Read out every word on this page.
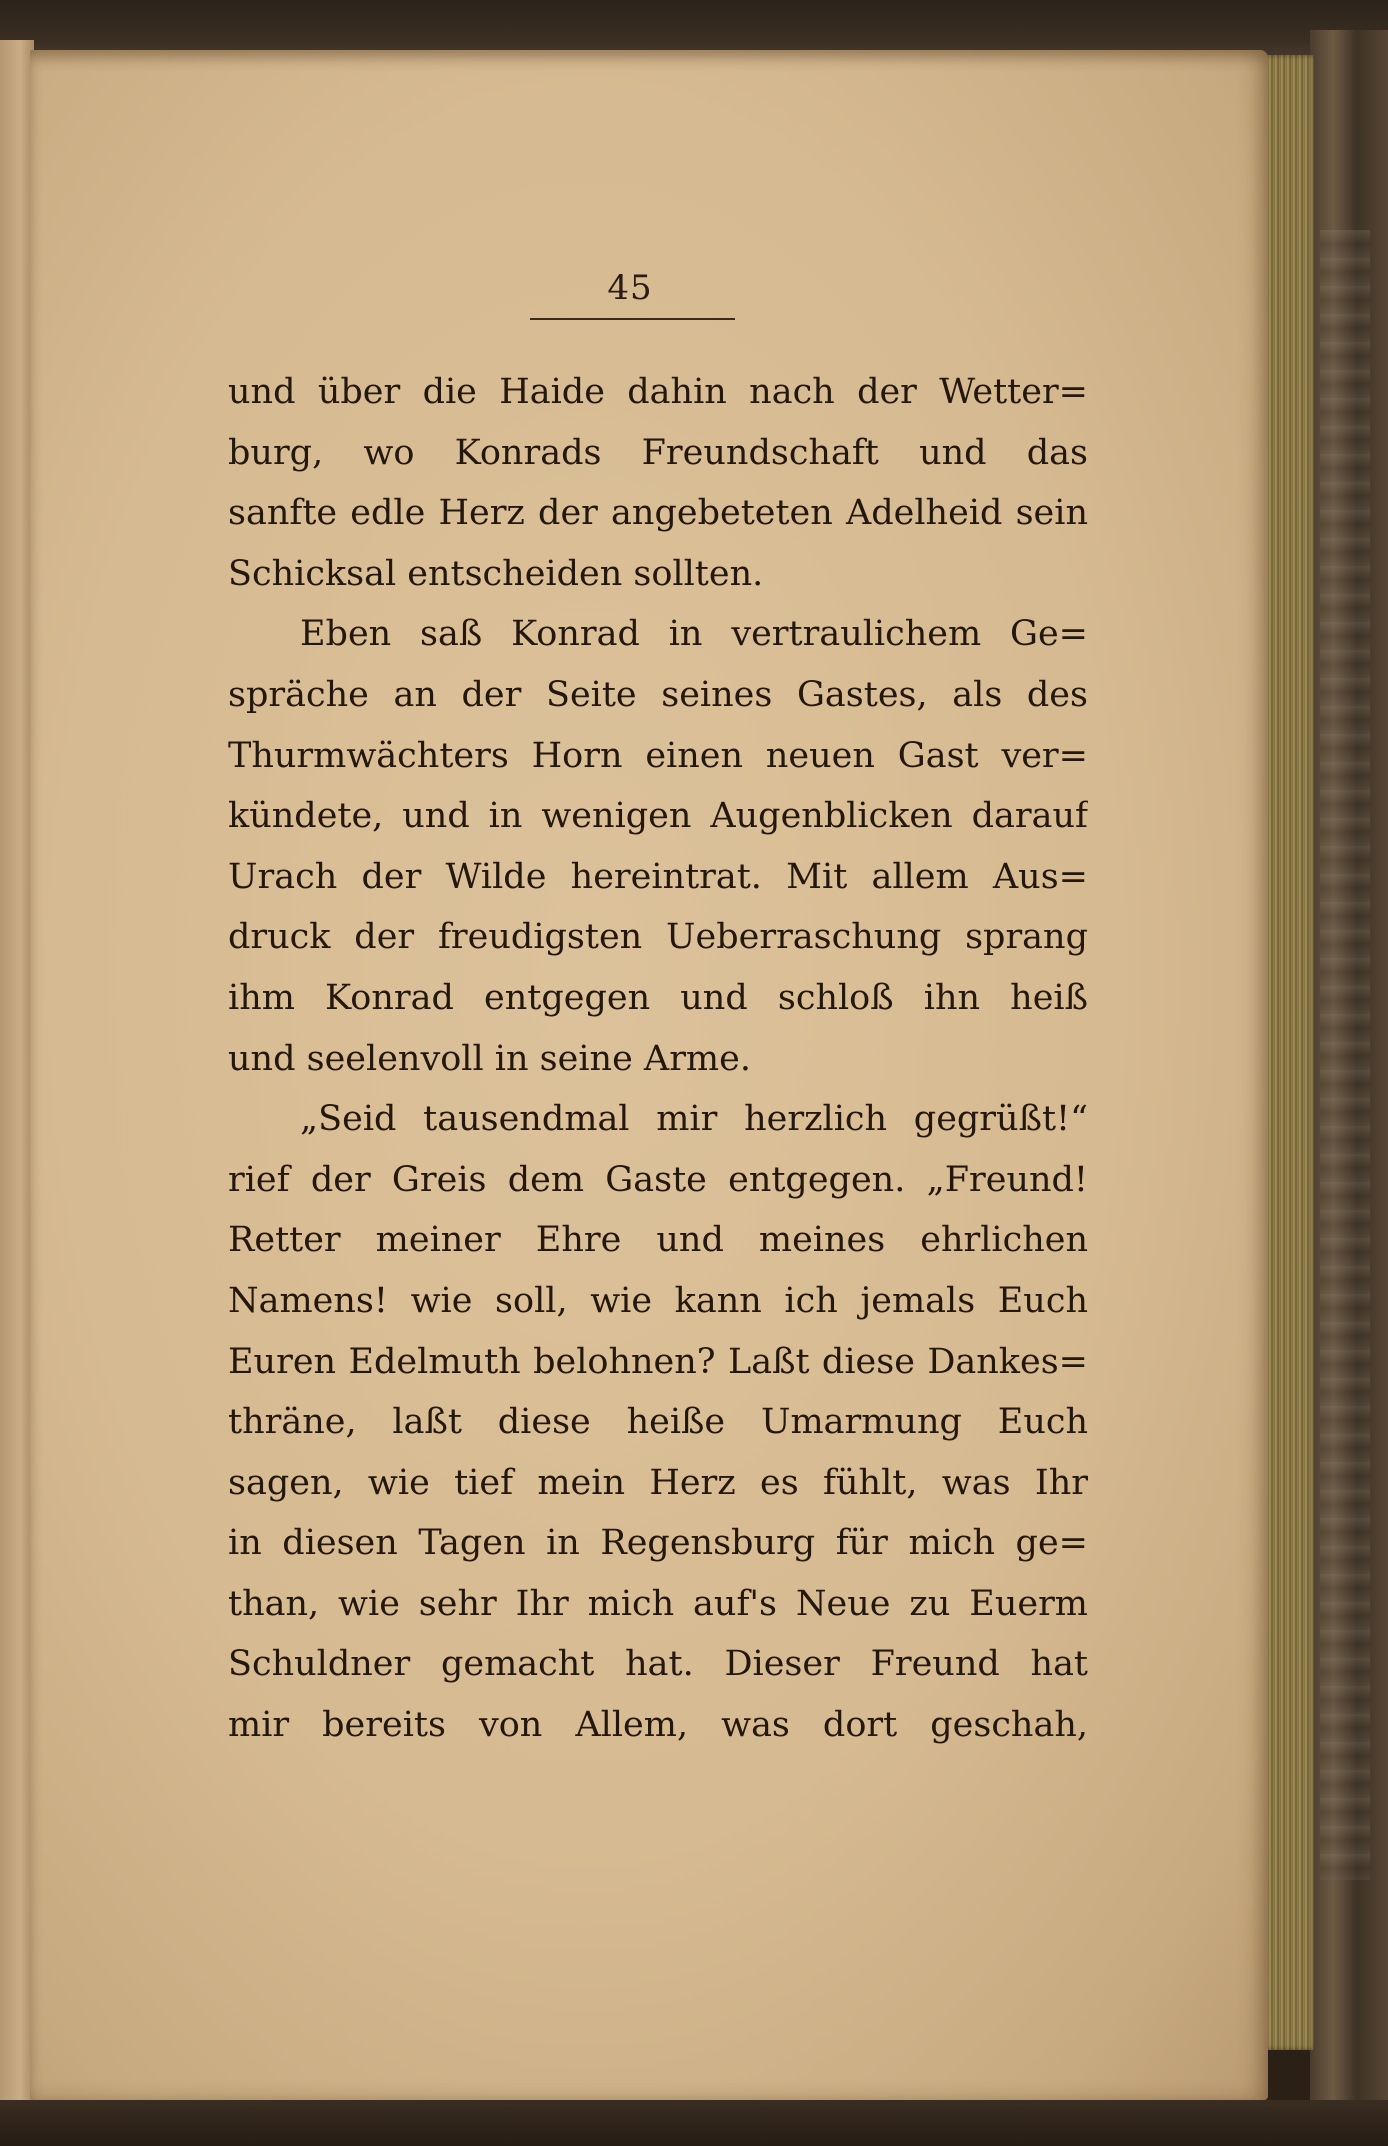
45
und über die Haide dahin nach der Wetter=
burg, wo Konrads Freundschaft und das
sanfte edle Herz der angebeteten Adelheid sein
Schicksal entscheiden sollten.
Eben saß Konrad in vertraulichem Ge=
spräche an der Seite seines Gastes, als des
Thurmwächters Horn einen neuen Gast ver=
kündete, und in wenigen Augenblicken darauf
Urach der Wilde hereintrat. Mit allem Aus=
druck der freudigsten Ueberraschung sprang
ihm Konrad entgegen und schloß ihn heiß
und seelenvoll in seine Arme.
„Seid tausendmal mir herzlich gegrüßt!“
rief der Greis dem Gaste entgegen. „Freund!
Retter meiner Ehre und meines ehrlichen
Namens! wie soll, wie kann ich jemals Euch
Euren Edelmuth belohnen? Laßt diese Dankes=
thräne, laßt diese heiße Umarmung Euch
sagen, wie tief mein Herz es fühlt, was Ihr
in diesen Tagen in Regensburg für mich ge=
than, wie sehr Ihr mich auf's Neue zu Euerm
Schuldner gemacht hat. Dieser Freund hat
mir bereits von Allem, was dort geschah,
